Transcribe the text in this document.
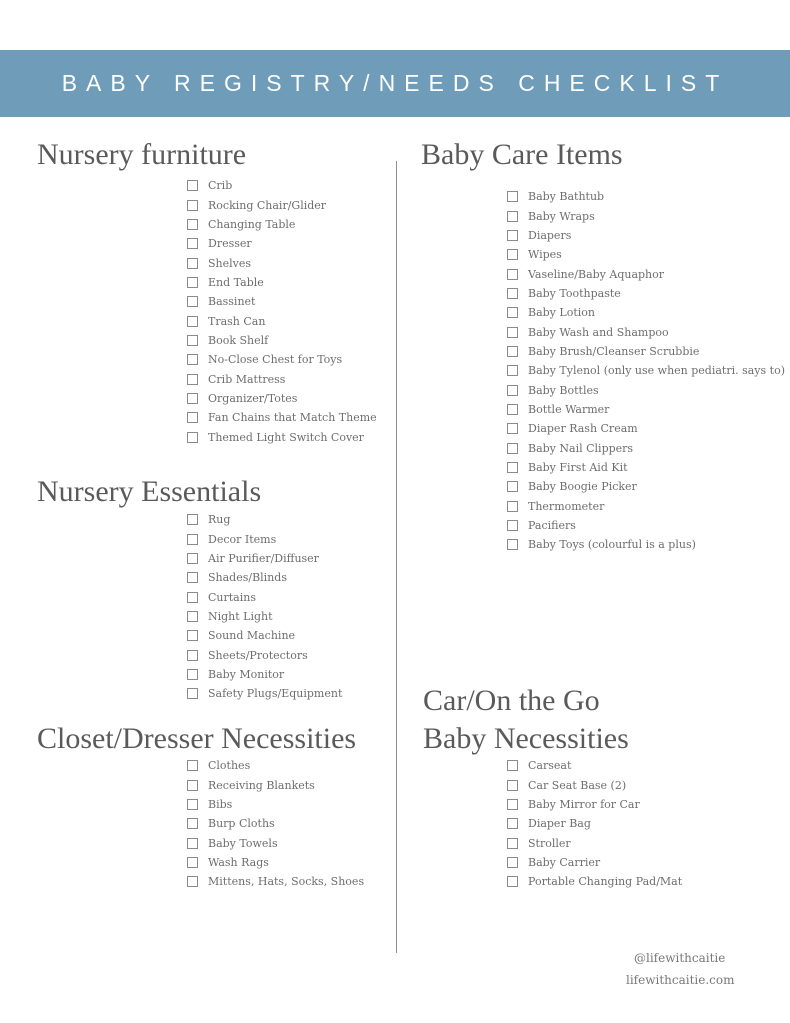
BABY REGISTRY/NEEDS CHECKLIST
Nursery furniture
Crib
Rocking Chair/Glider
Changing Table
Dresser
Shelves
End Table
Bassinet
Trash Can
Book Shelf
No-Close Chest for Toys
Crib Mattress
Organizer/Totes
Fan Chains that Match Theme
Themed Light Switch Cover
Nursery Essentials
Rug
Decor Items
Air Purifier/Diffuser
Shades/Blinds
Curtains
Night Light
Sound Machine
Sheets/Protectors
Baby Monitor
Safety Plugs/Equipment
Closet/Dresser Necessities
Clothes
Receiving Blankets
Bibs
Burp Cloths
Baby Towels
Wash Rags
Mittens, Hats, Socks, Shoes
Baby Care Items
Baby Bathtub
Baby Wraps
Diapers
Wipes
Vaseline/Baby Aquaphor
Baby Toothpaste
Baby Lotion
Baby Wash and Shampoo
Baby Brush/Cleanser Scrubbie
Baby Tylenol (only use when pediatri. says to)
Baby Bottles
Bottle Warmer
Diaper Rash Cream
Baby Nail Clippers
Baby First Aid Kit
Baby Boogie Picker
Thermometer
Pacifiers
Baby Toys (colourful is a plus)
Car/On the Go
Baby Necessities
Carseat
Car Seat Base (2)
Baby Mirror for Car
Diaper Bag
Stroller
Baby Carrier
Portable Changing Pad/Mat
@lifewithcaitie
lifewithcaitie.com
